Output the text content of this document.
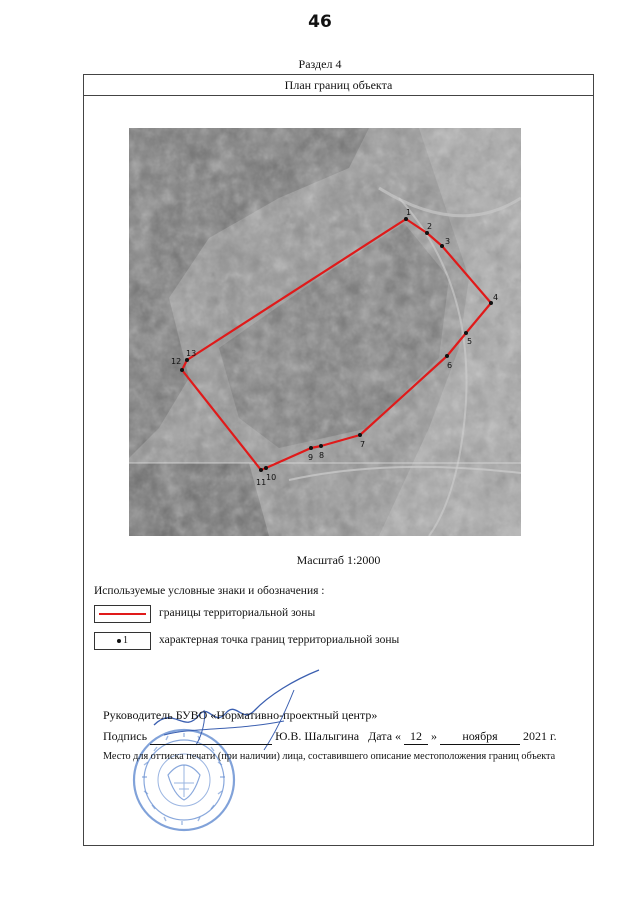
46
Раздел 4
План границ объекта
1
2
3
4
5
6
7
8
9
10
11
12
13
Масштаб 1:2000
Используемые условные знаки и обозначения :
границы территориальной зоны
1	характерная точка границ территориальной зоны
Руководитель БУВО «Нормативно-проектный центр»
Подпись	Ю.В. Шалыгина Дата « 12 » ноября 2021 г.
Место для оттиска печати (при наличии) лица, составившего описание местоположения границ объекта
